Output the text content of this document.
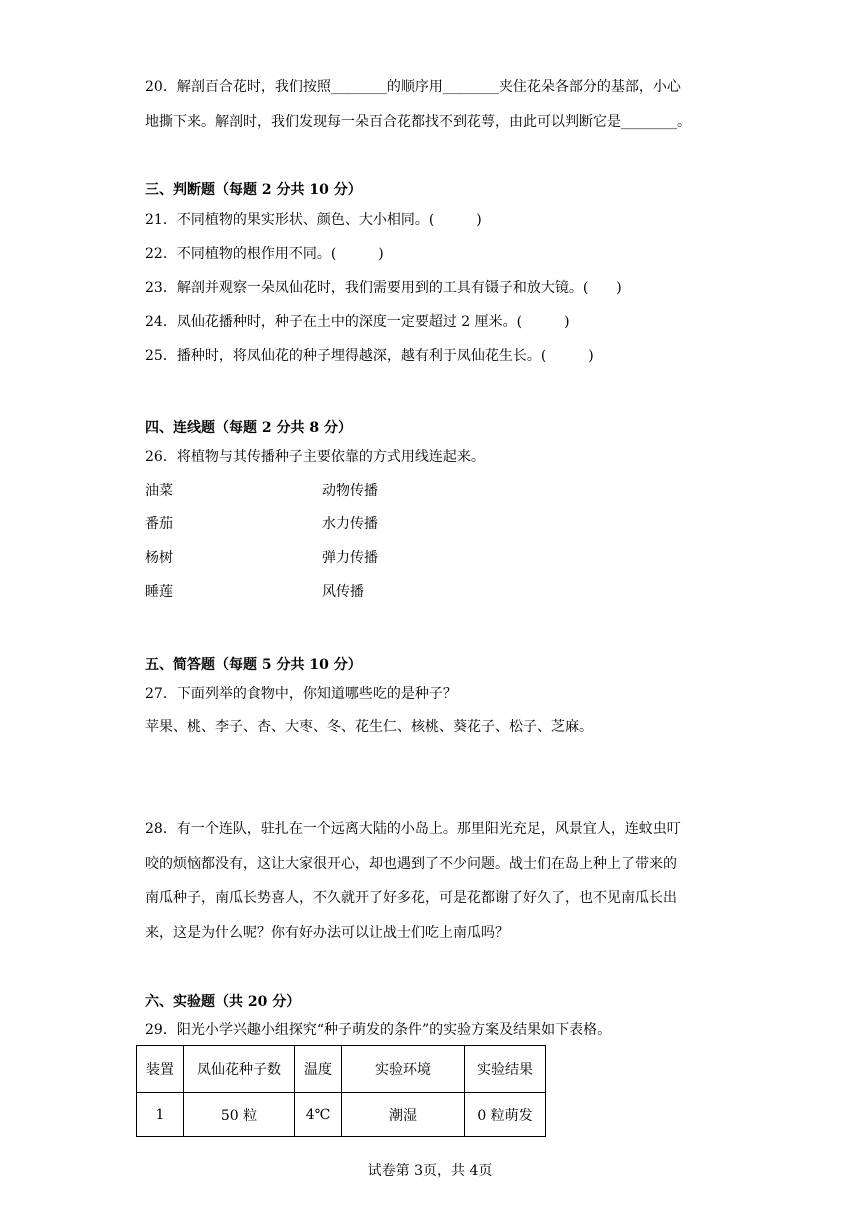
20．解剖百合花时，我们按照________的顺序用________夹住花朵各部分的基部，小心
地撕下来。解剖时，我们发现每一朵百合花都找不到花萼，由此可以判断它是________。
三、判断题（每题 2 分共 10 分）
21．不同植物的果实形状、颜色、大小相同。(　　　)
22．不同植物的根作用不同。(　　　)
23．解剖并观察一朵凤仙花时，我们需要用到的工具有镊子和放大镜。(　　)
24．凤仙花播种时，种子在土中的深度一定要超过 2 厘米。(　　　)
25．播种时，将凤仙花的种子埋得越深，越有利于凤仙花生长。(　　　)
四、连线题（每题 2 分共 8 分）
26．将植物与其传播种子主要依靠的方式用线连起来。
油菜	动物传播
番茄	水力传播
杨树	弹力传播
睡莲	风传播
五、简答题（每题 5 分共 10 分）
27．下面列举的食物中，你知道哪些吃的是种子？
苹果、桃、李子、杏、大枣、冬、花生仁、核桃、葵花子、松子、芝麻。
28．有一个连队，驻扎在一个远离大陆的小岛上。那里阳光充足，风景宜人，连蚊虫叮
咬的烦恼都没有，这让大家很开心，却也遇到了不少问题。战士们在岛上种上了带来的
南瓜种子，南瓜长势喜人，不久就开了好多花，可是花都谢了好久了，也不见南瓜长出
来，这是为什么呢？你有好办法可以让战士们吃上南瓜吗？
六、实验题（共 20 分）
29．阳光小学兴趣小组探究“种子萌发的条件”的实验方案及结果如下表格。
装置	凤仙花种子数	温度	实验环境	实验结果
1	50 粒	4℃	潮湿	0 粒萌发
试卷第 3页，共 4页
